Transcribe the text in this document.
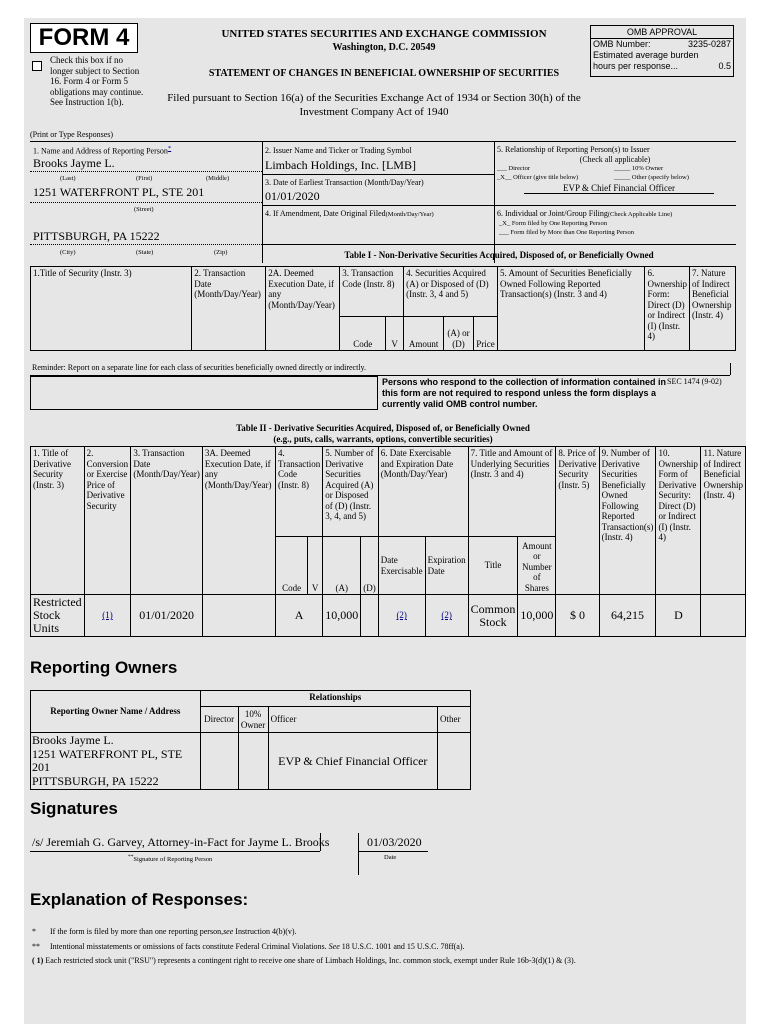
FORM 4
Check this box if no longer subject to Section 16. Form 4 or Form 5 obligations may continue. See Instruction 1(b).
UNITED STATES SECURITIES AND EXCHANGE COMMISSION
Washington, D.C. 20549
STATEMENT OF CHANGES IN BENEFICIAL OWNERSHIP OF SECURITIES
Filed pursuant to Section 16(a) of the Securities Exchange Act of 1934 or Section 30(h) of the
Investment Company Act of 1940
OMB APPROVAL
OMB Number:	3235-0287
Estimated average burden
hours per response...	0.5
(Print or Type Responses)
1. Name and Address of Reporting Person*
Brooks Jayme L.
(Last)	(First)	(Middle)
1251 WATERFRONT PL, STE 201
(Street)
PITTSBURGH, PA 15222
(City)	(State)	(Zip)
2. Issuer Name and Ticker or Trading Symbol
Limbach Holdings, Inc. [LMB]
3. Date of Earliest Transaction (Month/Day/Year)
01/01/2020
4. If Amendment, Date Original Filed(Month/Day/Year)
5. Relationship of Reporting Person(s) to Issuer
(Check all applicable)
___ Director	_____ 10% Owner
_X__ Officer (give title below)	_____ Other (specify below)
EVP & Chief Financial Officer
6. Individual or Joint/Group Filing(Check Applicable Line)
_X_ Form filed by One Reporting Person
___ Form filed by More than One Reporting Person
Table I - Non-Derivative Securities Acquired, Disposed of, or Beneficially Owned
1.Title of Security (Instr. 3)	2. Transaction Date (Month/Day/Year)	2A. Deemed Execution Date, if any (Month/Day/Year)	3. Transaction Code (Instr. 8)		4. Securities Acquired (A) or Disposed of (D) (Instr. 3, 4 and 5)			5. Amount of Securities Beneficially Owned Following Reported Transaction(s) (Instr. 3 and 4)	6. Ownership Form: Direct (D) or Indirect (I) (Instr. 4)	7. Nature of Indirect Beneficial Ownership (Instr. 4)
			Code	V	Amount	(A) or (D)	Price			
Reminder: Report on a separate line for each class of securities beneficially owned directly or indirectly.
Persons who respond to the collection of information contained in this form are not required to respond unless the form displays a currently valid OMB control number.
SEC 1474 (9-02)
Table II - Derivative Securities Acquired, Disposed of, or Beneficially Owned
(e.g., puts, calls, warrants, options, convertible securities)
1. Title of Derivative Security (Instr. 3)	2. Conversion or Exercise Price of Derivative Security	3. Transaction Date (Month/Day/Year)	3A. Deemed Execution Date, if any (Month/Day/Year)	4. Transaction Code (Instr. 8)		5. Number of Derivative Securities Acquired (A) or Disposed of (D) (Instr. 3, 4, and 5)		6. Date Exercisable and Expiration Date (Month/Day/Year)		7. Title and Amount of Underlying Securities (Instr. 3 and 4)		8. Price of Derivative Security (Instr. 5)	9. Number of Derivative Securities Beneficially Owned Following Reported Transaction(s) (Instr. 4)	10. Ownership Form of Derivative Security: Direct (D) or Indirect (I) (Instr. 4)	11. Nature of Indirect Beneficial Ownership (Instr. 4)
				Code	V	(A)	(D)	Date Exercisable	Expiration Date	Title	Amount or Number of Shares				
Restricted Stock Units	(1)	01/01/2020		A		10,000		(2)	(2)	Common Stock	10,000	$ 0	64,215	D	
Reporting Owners
Reporting Owner Name / Address	Relationships			
	Director	10% Owner	Officer	Other

Brooks Jayme L.
1251 WATERFRONT PL, STE 201
PITTSBURGH, PA 15222			EVP & Chief Financial Officer	
Signatures
/s/ Jeremiah G. Garvey, Attorney-in-Fact for Jayme L. Brooks
**Signature of Reporting Person
01/03/2020
Date
Explanation of Responses:
* If the form is filed by more than one reporting person,see Instruction 4(b)(v).
** Intentional misstatements or omissions of facts constitute Federal Criminal Violations. See 18 U.S.C. 1001 and 15 U.S.C. 78ff(a).
( 1) Each restricted stock unit ("RSU") represents a contingent right to receive one share of Limbach Holdings, Inc. common stock, exempt under Rule 16b-3(d)(1) & (3).
